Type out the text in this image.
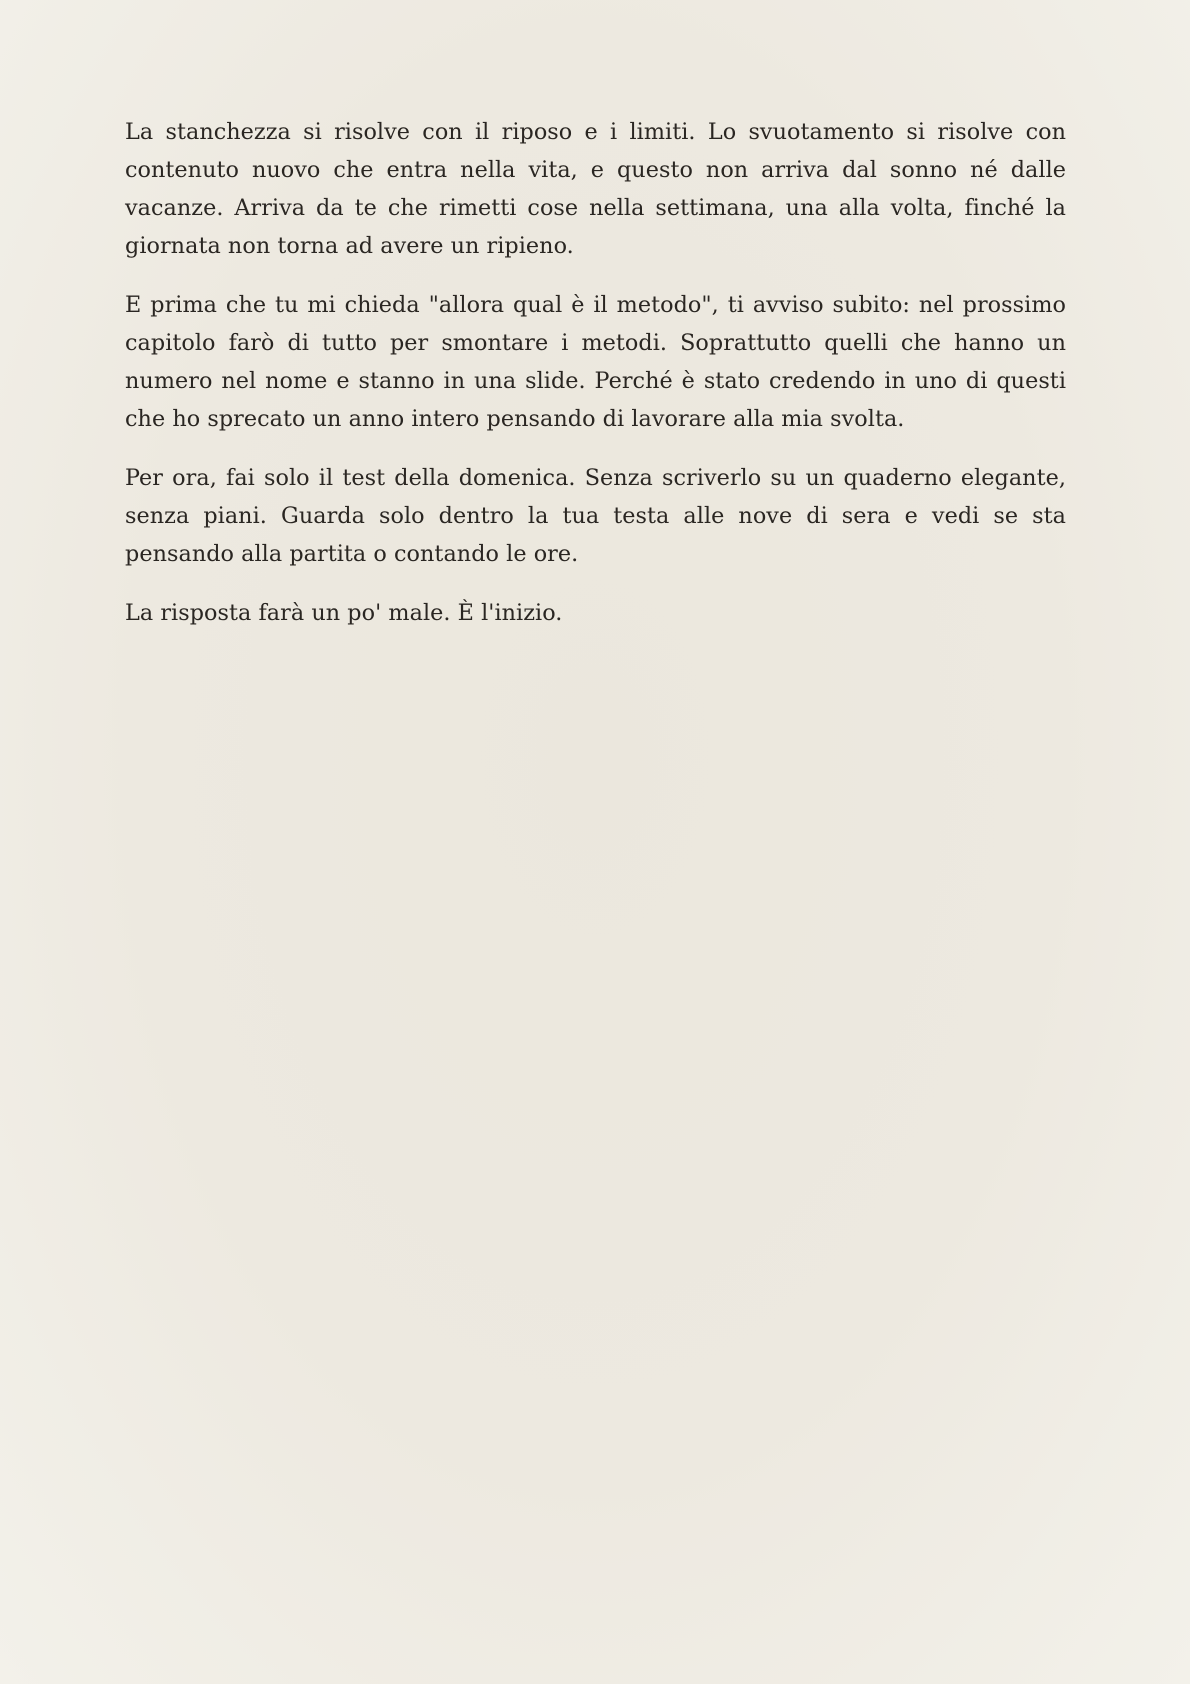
La stanchezza si risolve con il riposo e i limiti. Lo svuotamento si risolve con contenuto nuovo che entra nella vita, e questo non arriva dal sonno né dalle vacanze. Arriva da te che rimetti cose nella settimana, una alla volta, finché la giornata non torna ad avere un ripieno.

E prima che tu mi chieda "allora qual è il metodo", ti avviso subito: nel prossimo capitolo farò di tutto per smontare i metodi. Soprattutto quelli che hanno un numero nel nome e stanno in una slide. Perché è stato credendo in uno di questi che ho sprecato un anno intero pensando di lavorare alla mia svolta.

Per ora, fai solo il test della domenica. Senza scriverlo su un quaderno elegante, senza piani. Guarda solo dentro la tua testa alle nove di sera e vedi se sta pensando alla partita o contando le ore.

La risposta farà un po' male. È l'inizio.
